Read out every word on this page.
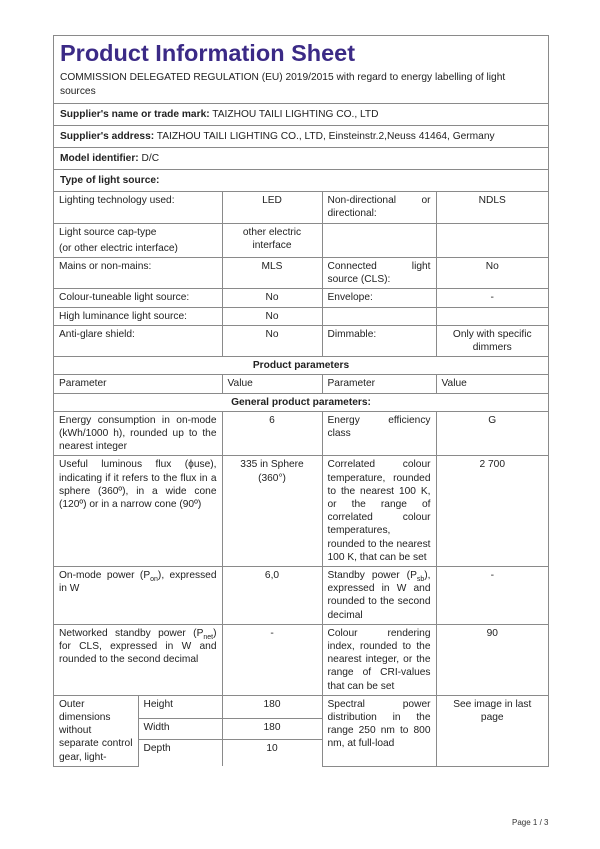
Product Information Sheet
COMMISSION DELEGATED REGULATION (EU) 2019/2015 with regard to energy labelling of light sources
Supplier's name or trade mark: TAIZHOU TAILI LIGHTING CO., LTD
Supplier's address: TAIZHOU TAILI LIGHTING CO., LTD, Einsteinstr.2,Neuss 41464, Germany
Model identifier: D/C
Type of light source:
Lighting technology used:	LED	Non-directional or directional:	NDLS

Light source cap-type
(or other electric interface)	other electric interface		
Mains or non-mains:	MLS	Connected light source (CLS):	No
Colour-tuneable light source:	No	Envelope:	-
High luminance light source:	No		
Anti-glare shield:	No	Dimmable:	Only with specific dimmers
Product parameters			
Parameter	Value	Parameter	Value
General product parameters:			
Energy consumption in on-mode (kWh/1000 h), rounded up to the nearest integer		6	Energy efficiency class	G
Useful luminous flux (ϕuse), indicating if it refers to the flux in a sphere (360º), in a wide cone (120º) or in a narrow cone (90º)		335 in Sphere (360°)	Correlated colour temperature, rounded to the nearest 100 K, or the range of correlated colour temperatures, rounded to the nearest 100 K, that can be set	2 700
On-mode power $(P_{on})$, expressed in W		6,0	Standby power $(P_{sb})$, expressed in W and rounded to the second decimal	-
Networked standby power $(P_{net})$ for CLS, expressed in W and rounded to the second decimal		-	Colour rendering index, rounded to the nearest integer, or the range of CRI-values that can be set	90
Outer dimensions without separate control gear, light-	Height	180	Spectral power distribution in the range 250 nm to 800 nm, at full-load	See image in last page
	Width	180		
	Depth	10		
Page 1 / 3
